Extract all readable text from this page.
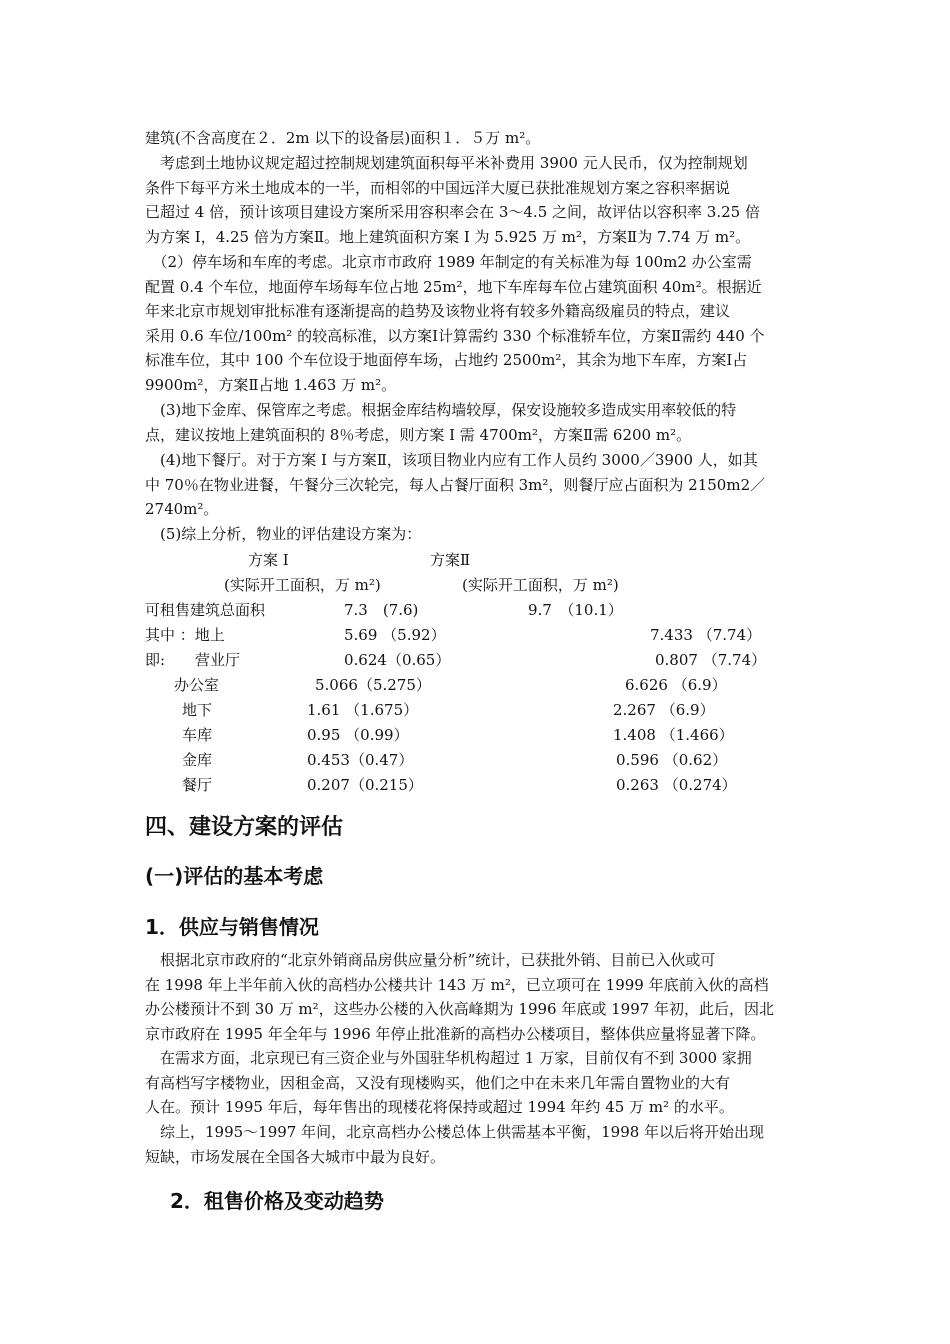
建筑(不含高度在２．2m 以下的设备层)面积１．５万 m²。
　考虑到土地协议规定超过控制规划建筑面积每平米补费用 3900 元人民币，仅为控制规划
条件下每平方米土地成本的一半，而相邻的中国远洋大厦已获批准规划方案之容积率据说
已超过 4 倍，预计该项目建设方案所采用容积率会在 3～4.5 之间，故评估以容积率 3.25 倍
为方案 I，4.25 倍为方案Ⅱ。地上建筑面积方案 I 为 5.925 万 m²，方案Ⅱ为 7.74 万 m²。
　（2）停车场和车库的考虑。北京市市政府 1989 年制定的有关标准为每 100m2 办公室需
配置 0.4 个车位，地面停车场每车位占地 25m²，地下车库每车位占建筑面积 40m²。根据近
年来北京市规划审批标准有逐渐提高的趋势及该物业将有较多外籍高级雇员的特点，建议
采用 0.6 车位/100m² 的较高标准，以方案Ⅰ计算需约 330 个标准轿车位，方案Ⅱ需约 440 个
标准车位，其中 100 个车位设于地面停车场，占地约 2500m²，其余为地下车库，方案Ⅰ占
9900m²，方案Ⅱ占地 1.463 万 m²。
　(3)地下金库、保管库之考虑。根据金库结构墙较厚，保安设施较多造成实用率较低的特
点，建议按地上建筑面积的 8％考虑，则方案 I 需 4700m²，方案Ⅱ需 6200 m²。
　(4)地下餐厅。对于方案 I 与方案Ⅱ，该项目物业内应有工作人员约 3000／3900 人，如其
中 70％在物业进餐，午餐分三次轮完，每人占餐厅面积 3m²，则餐厅应占面积为 2150m2／
2740m²。
　(5)综上分析，物业的评估建设方案为：
方案 I	方案Ⅱ
(实际开工面积，万 m²)	(实际开工面积，万 m²)
可租售建筑总面积	7.3　(7.6)	9.7　（10.1）
其中 ：地上	5.69 （5.92）	7.433 （7.74）
即:　　营业厅	0.624（0.65）	0.807 （7.74）
办公室	5.066（5.275）	6.626 （6.9）
地下	1.61 （1.675）	2.267 （6.9）
车库	0.95 （0.99）	1.408 （1.466）
金库	0.453（0.47）	0.596 （0.62）
餐厅	0.207（0.215）	0.263 （0.274）
四、建设方案的评估
(一)评估的基本考虑
1．供应与销售情况
　根据北京市政府的“北京外销商品房供应量分析”统计，已获批外销、目前已入伙或可
在 1998 年上半年前入伙的高档办公楼共计 143 万 m²，已立项可在 1999 年底前入伙的高档
办公楼预计不到 30 万 m²，这些办公楼的入伙高峰期为 1996 年底或 1997 年初，此后，因北
京市政府在 1995 年全年与 1996 年停止批准新的高档办公楼项目，整体供应量将显著下降。
　在需求方面，北京现已有三资企业与外国驻华机构超过 1 万家，目前仅有不到 3000 家拥
有高档写字楼物业，因租金高，又没有现楼购买，他们之中在未来几年需自置物业的大有
人在。预计 1995 年后，每年售出的现楼花将保持或超过 1994 年约 45 万 m² 的水平。
　综上，1995～1997 年间，北京高档办公楼总体上供需基本平衡，1998 年以后将开始出现
短缺，市场发展在全国各大城市中最为良好。
2．租售价格及变动趋势
